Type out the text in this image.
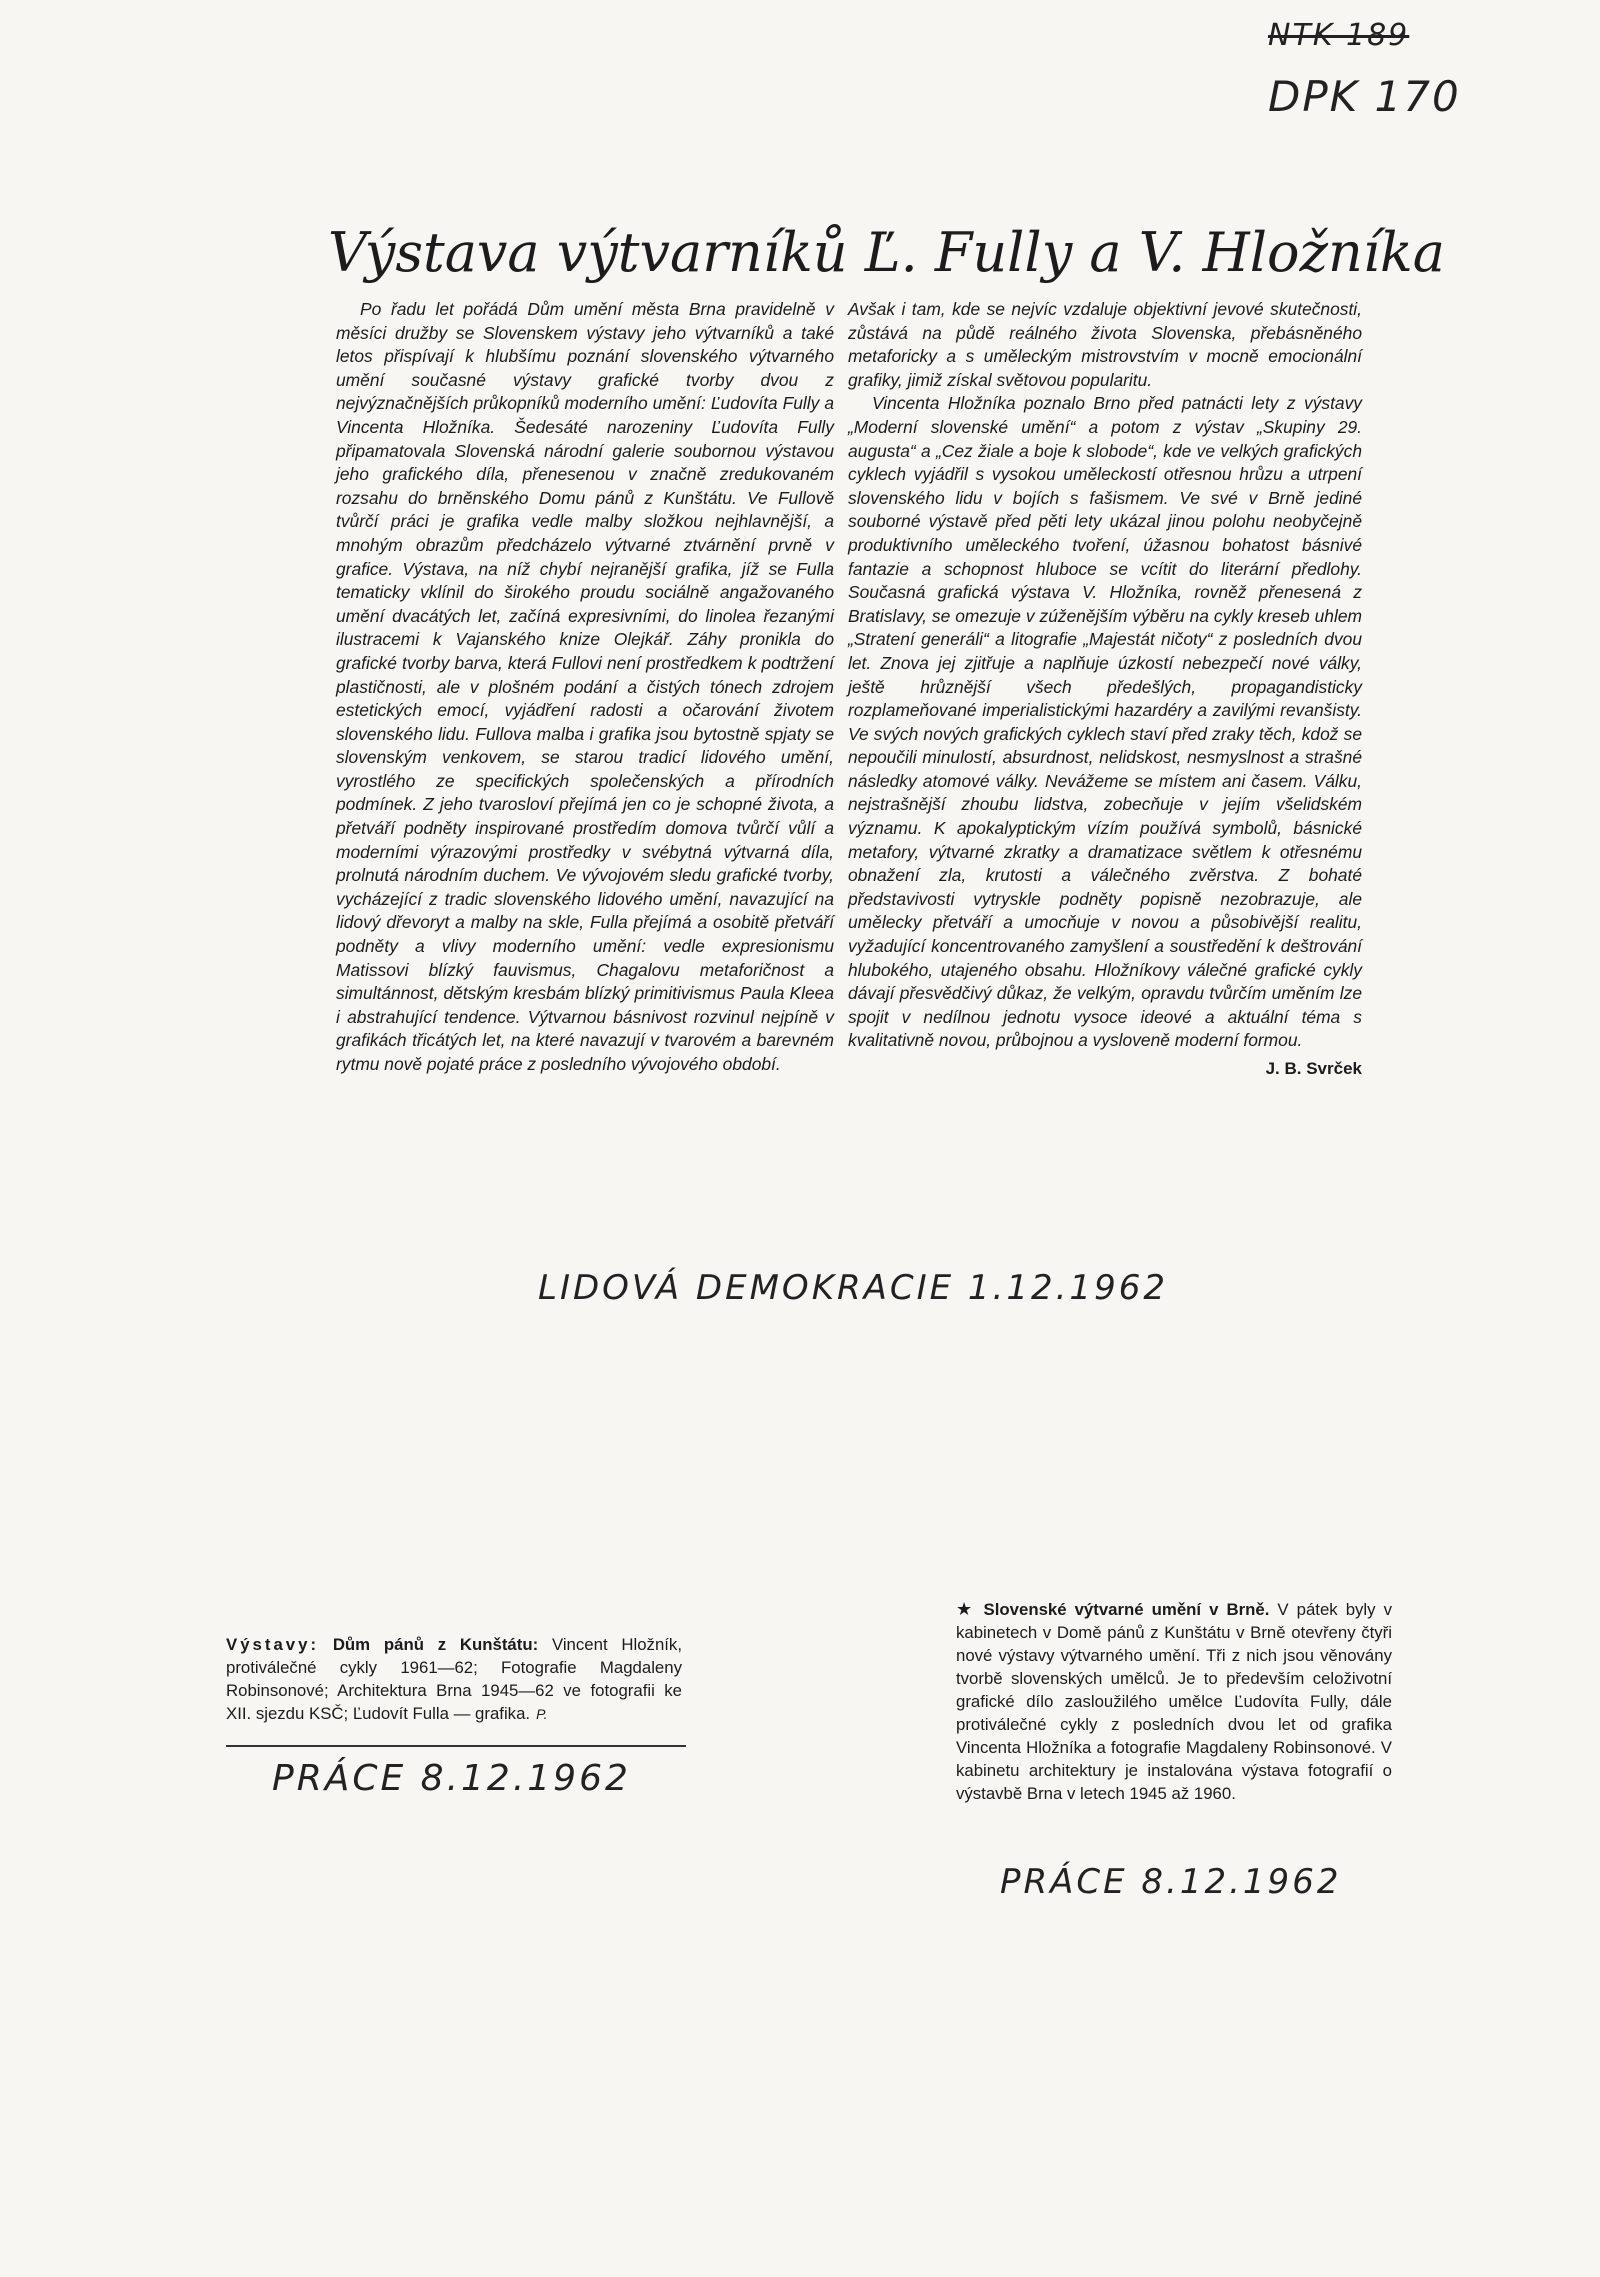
NTK 189
DPK 170
Výstava výtvarníků Ľ. Fully a V. Hložníka

Po řadu let pořádá Dům umění města Brna pravidelně v měsíci družby se Slovenskem výstavy jeho výtvarníků a také letos přispívají k hlubšímu poznání slovenského výtvarného umění současné výstavy grafické tvorby dvou z nejvýznačnějších průkopníků moderního umění: Ľudovíta Fully a Vincenta Hložníka. Šedesáté narozeniny Ľudovíta Fully připamatovala Slovenská národní galerie soubornou výstavou jeho grafického díla, přenesenou v značně zredukovaném rozsahu do brněnského Domu pánů z Kunštátu. Ve Fullově tvůrčí práci je grafika vedle malby složkou nejhlavnější, a mnohým obrazům předcházelo výtvarné ztvárnění prvně v grafice. Výstava, na níž chybí nejranější grafika, jíž se Fulla tematicky vklínil do širokého proudu sociálně angažovaného umění dvacátých let, začíná expresivními, do linolea řezanými ilustracemi k Vajanského knize Olejkář. Záhy pronikla do grafické tvorby barva, která Fullovi není prostředkem k podtržení plastičnosti, ale v plošném podání a čistých tónech zdrojem estetických emocí, vyjádření radosti a očarování životem slovenského lidu. Fullova malba i grafika jsou bytostně spjaty se slovenským venkovem, se starou tradicí lidového umění, vyrostlého ze specifických společenských a přírodních podmínek. Z jeho tvarosloví přejímá jen co je schopné života, a přetváří podněty inspirované prostředím domova tvůrčí vůlí a moderními výrazovými prostředky v svébytná výtvarná díla, prolnutá národním duchem. Ve vývojovém sledu grafické tvorby, vycházející z tradic slovenského lidového umění, navazující na lidový dřevoryt a malby na skle, Fulla přejímá a osobitě přetváří podněty a vlivy moderního umění: vedle expresionismu Matissovi blízký fauvismus, Chagalovu metaforičnost a simultánnost, dětským kresbám blízký primitivismus Paula Kleea i abstrahující tendence. Výtvarnou básnivost rozvinul nejpíně v grafikách třicátých let, na které navazují v tvarovém a barevném rytmu nově pojaté práce z posledního vývojového období.

Avšak i tam, kde se nejvíc vzdaluje objektivní jevové skutečnosti, zůstává na půdě reálného života Slovenska, přebásněného metaforicky a s uměleckým mistrovstvím v mocně emocionální grafiky, jimiž získal světovou popularitu.

Vincenta Hložníka poznalo Brno před patnácti lety z výstavy „Moderní slovenské umění“ a potom z výstav „Skupiny 29. augusta“ a „Cez žiale a boje k slobode“, kde ve velkých grafických cyklech vyjádřil s vysokou uměleckostí otřesnou hrůzu a utrpení slovenského lidu v bojích s fašismem. Ve své v Brně jediné souborné výstavě před pěti lety ukázal jinou polohu neobyčejně produktivního uměleckého tvoření, úžasnou bohatost básnivé fantazie a schopnost hlubocе se vcítit do literární předlohy. Současná grafická výstava V. Hložníka, rovněž přenesená z Bratislavy, se omezuje v zúženějším výběru na cykly kreseb uhlem „Stratení generáli“ a litografie „Majestát ničoty“ z posledních dvou let. Znova jej zjitřuje a naplňuje úzkostí nebezpečí nové války, ještě hrůznější všech předešlých, propagandisticky rozplameňované imperialistickými hazardéry a zavilými revanšisty. Ve svých nových grafických cyklech staví před zraky těch, kdož se nepoučili minulostí, absurdnost, nelidskost, nesmyslnost a strašné následky atomové války. Nevážeme se místem ani časem. Válku, nejstrašnější zhoubu lidstva, zobecňuje v jejím všelidském významu. K apokalyptickým vízím používá symbolů, básnické metafory, výtvarné zkratky a dramatizace světlem k otřesnému obnažení zla, krutosti a válečného zvěrstva. Z bohaté představivosti vytryskle podněty popisně nezobrazuje, ale umělecky přetváří a umocňuje v novou a působivější realitu, vyžadující koncentrovaného zamyšlení a soustředění k deštrování hlubokého, utajeného obsahu. Hložníkovy válečné grafické cykly dávají přesvědčivý důkaz, že velkým, opravdu tvůrčím uměním lze spojit v nedílnou jednotu vysoce ideové a aktuální téma s kvalitativně novou, průbojnou a vysloveně moderní formou.

J. B. Svrček
LIDOVÁ DEMOKRACIE 1.12.1962
Výstavy: Dům pánů z Kunštátu: Vincent Hložník, protiválečné cykly 1961—62; Fotografie Magdaleny Robinsonové; Architektura Brna 1945—62 ve fotografii ke XII. sjezdu KSČ; Ľudovít Fulla — grafika. P.
PRÁCE 8.12.1962
★ Slovenské výtvarné umění v Brně. V pátek byly v kabinetech v Domě pánů z Kunštátu v Brně otevřeny čtyři nové výstavy výtvarného umění. Tři z nich jsou věnovány tvorbě slovenských umělců. Je to především celoživotní grafické dílo zasloužilého umělce Ľudovíta Fully, dále protiválečné cykly z posledních dvou let od grafika Vincenta Hložníka a fotografie Magdaleny Robinsonové. V kabinetu architektury je instalována výstava fotografií o výstavbě Brna v letech 1945 až 1960.
PRÁCE 8.12.1962
